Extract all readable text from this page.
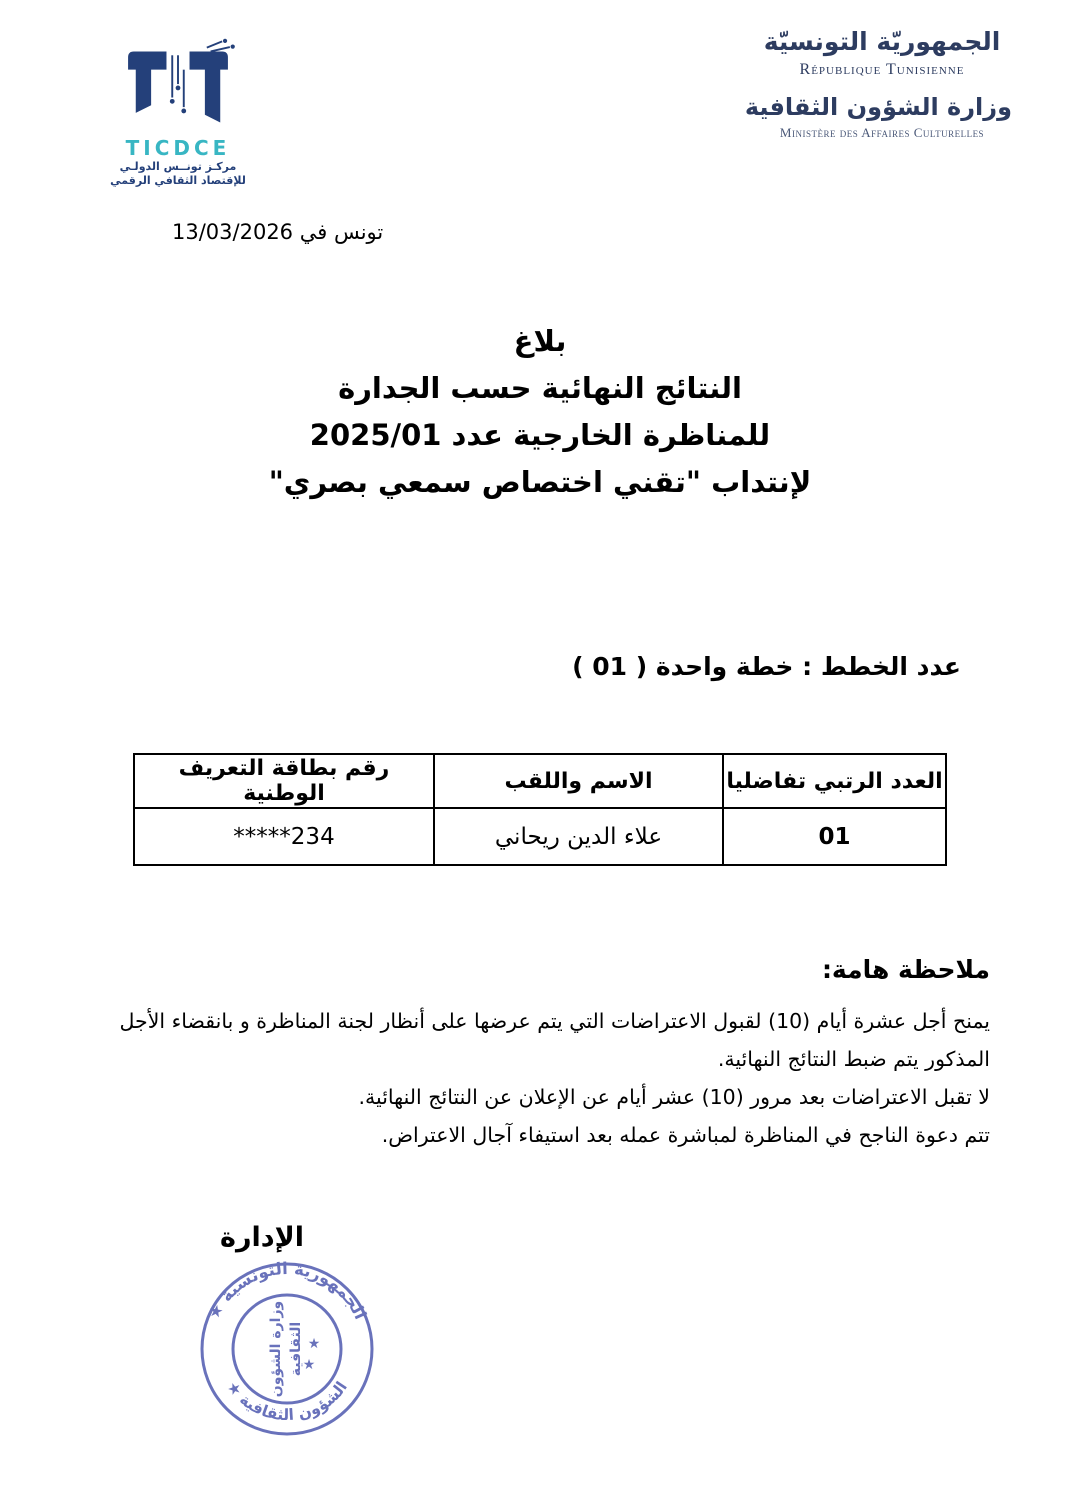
TICDCE
مركـز تونــس الدولـي
للإقتصاد الثقافي الرقمي
الجمهوريّة التونسيّة
République Tunisienne
وزارة الشؤون الثقافية
Ministère des Affaires Culturelles
تونس في 13/03/2026
بلاغ
النتائج النهائية حسب الجدارة
للمناظرة الخارجية عدد 2025/01
لإنتداب "تقني اختصاص سمعي بصري"
عدد الخطط : خطة واحدة ( 01 )
العدد الرتبي تفاضليا	الاسم واللقب	رقم بطاقة التعريف الوطنية
01	علاء الدين ريحاني	*****234
ملاحظة هامة:

يمنح أجل عشرة أيام (10) لقبول الاعتراضات التي يتم عرضها على أنظار لجنة المناظرة و بانقضاء الأجل المذكور يتم ضبط النتائج النهائية.

لا تقبل الاعتراضات بعد مرور (10) عشر أيام عن الإعلان عن النتائج النهائية.

تتم دعوة الناجح في المناظرة لمباشرة عمله بعد استيفاء آجال الاعتراض.

الإدارة
الجمهورية التونسية ★
الشؤون الثقافية ★
وزارة الشؤون الثقافية ★
★
